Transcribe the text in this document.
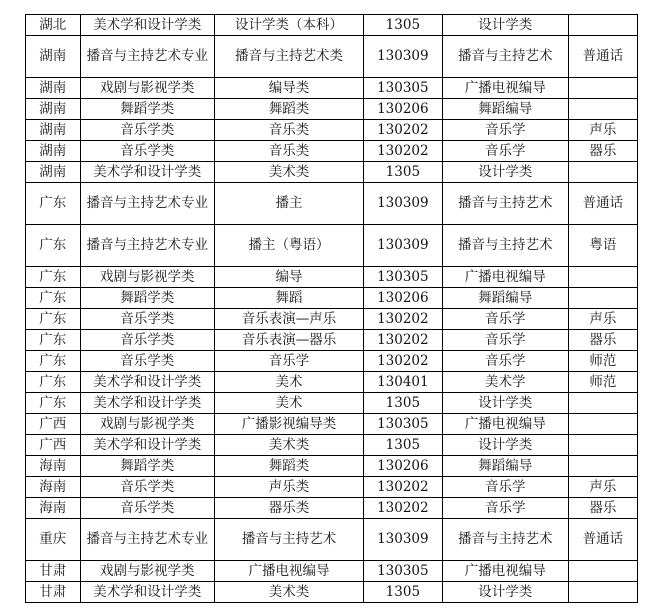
湖北	美术学和设计学类	设计学类（本科）	1305	设计学类	
湖南	播音与主持艺术专业	播音与主持艺术类	130309	播音与主持艺术	普通话
湖南	戏剧与影视学类	编导类	130305	广播电视编导	
湖南	舞蹈学类	舞蹈类	130206	舞蹈编导	
湖南	音乐学类	音乐类	130202	音乐学	声乐
湖南	音乐学类	音乐类	130202	音乐学	器乐
湖南	美术学和设计学类	美术类	1305	设计学类	
广东	播音与主持艺术专业	播主	130309	播音与主持艺术	普通话
广东	播音与主持艺术专业	播主（粤语）	130309	播音与主持艺术	粤语
广东	戏剧与影视学类	编导	130305	广播电视编导	
广东	舞蹈学类	舞蹈	130206	舞蹈编导	
广东	音乐学类	音乐表演—声乐	130202	音乐学	声乐
广东	音乐学类	音乐表演—器乐	130202	音乐学	器乐
广东	音乐学类	音乐学	130202	音乐学	师范
广东	美术学和设计学类	美术	130401	美术学	师范
广东	美术学和设计学类	美术	1305	设计学类	
广西	戏剧与影视学类	广播影视编导类	130305	广播电视编导	
广西	美术学和设计学类	美术类	1305	设计学类	
海南	舞蹈学类	舞蹈类	130206	舞蹈编导	
海南	音乐学类	声乐类	130202	音乐学	声乐
海南	音乐学类	器乐类	130202	音乐学	器乐
重庆	播音与主持艺术专业	播音与主持艺术	130309	播音与主持艺术	普通话
甘肃	戏剧与影视学类	广播电视编导	130305	广播电视编导	
甘肃	美术学和设计学类	美术类	1305	设计学类	
